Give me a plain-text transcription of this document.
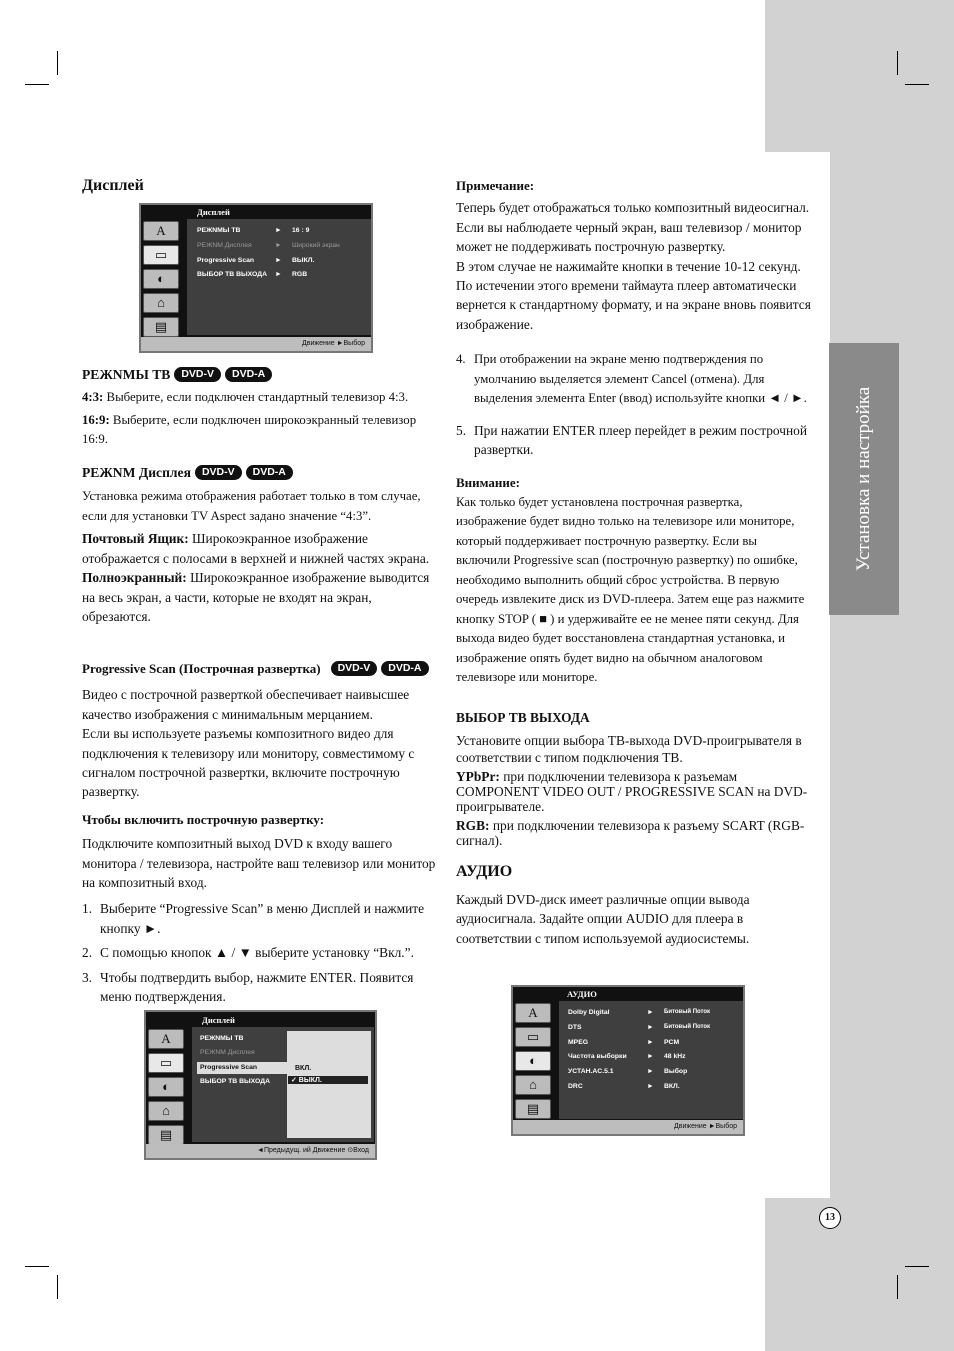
Установка и настройка
Дисплей
Дисплей
A
▭
◐
⌂
▤
РЕЖNМЫ ТВ	► 16 : 9
РЕЖNМ Дисплея	► Широкий экран
Progressive Scan	► ВЫКЛ.
ВЫБОР ТВ ВЫХОДА ► RGB
Движение ►Выбор
РЕЖNМЫ ТВ	DVD-V	DVD-A

4:3: Выберите, если подключен стандартный телевизор 4:3.

16:9: Выберите, если подключен широкоэкранный телевизор 16:9.

РЕЖNМ Дисплея	DVD-V	DVD-A

Установка режима отображения работает только в том случае, если для установки TV Aspect задано значение “4:3”.

Почтовый Ящик: Широкоэкранное изображение отображается с полосами в верхней и нижней частях экрана.

Полноэкранный: Широкоэкранное изображение выводится на весь экран, а части, которые не входят на экран, обрезаются.

Progressive Scan (Построчная развертка)	DVD-V	DVD-A

Видео с построчной разверткой обеспечивает наивысшее качество изображения с минимальным мерцанием.

Если вы используете разъемы композитного видео для подключения к телевизору или монитору, совместимому с сигналом построчной развертки, включите построчную развертку.

Чтобы включить построчную развертку:

Подключите композитный выход DVD к входу вашего монитора / телевизора, настройте ваш телевизор или монитор на композитный вход.

1. Выберите “Progressive Scan” в меню Дисплей и нажмите кнопку ►.
2. С помощью кнопок ▲ / ▼ выберите установку “Вкл.”.
3. Чтобы подтвердить выбор, нажмите ENTER. Появится меню подтверждения.
Дисплей
A
▭
◐
⌂
▤
РЕЖNМЫ ТВ
РЕЖNМ Дисплея
Progressive Scan
ВЫБОР ТВ ВЫХОДА
ВКЛ.
✓ ВЫКЛ.
◄Предыдущ. ий Движение ⊙Вход

Примечание:

Теперь будет отображаться только композитный видеосигнал. Если вы наблюдаете черный экран, ваш телевизор / монитор может не поддерживать построчную развертку.

В этом случае не нажимайте кнопки в течение 10-12 секунд. По истечении этого времени таймаута плеер автоматически вернется к стандартному формату, и на экране вновь появится изображение.

4. При отображении на экране меню подтверждения по умолчанию выделяется элемент Cancel (отмена). Для выделения элемента Enter (ввод) используйте кнопки ◄ / ►.
5. При нажатии ENTER плеер перейдет в режим построчной развертки.

Внимание:

Как только будет установлена построчная развертка, изображение будет видно только на телевизоре или мониторе, который поддерживает построчную развертку. Если вы включили Progressive scan (построчную развертку) по ошибке, необходимо выполнить общий сброс устройства. В первую очередь извлеките диск из DVD-плеера. Затем еще раз нажмите кнопку STOP ( ■ ) и удерживайте ее не менее пяти секунд. Для выхода видео будет восстановлена стандартная установка, и изображение опять будет видно на обычном аналоговом телевизоре или мониторе.

ВЫБОР ТВ ВЫХОДА

Установите опции выбора ТВ-выхода DVD-проигрывателя в соответствии с типом подключения ТВ.

YPbPr: при подключении телевизора к разъемам COMPONENT VIDEO OUT / PROGRESSIVE SCAN на DVD-проигрывателе.

RGB: при подключении телевизора к разъему SCART (RGB-сигнал).

АУДИО

Каждый DVD-диск имеет различные опции вывода аудиосигнала. Задайте опции AUDIO для плеера в соответствии с типом используемой аудиосистемы.

АУДИО
A
▭
◐
⌂
▤
Dolby Digital	► Битовый Поток
DTS	► Битовый Поток
MPEG	► PCM
Частота выборки	► 48 kHz
УСТАН.AC.5.1	► Выбор
DRC	► ВКЛ.
Движение ►Выбор
13
